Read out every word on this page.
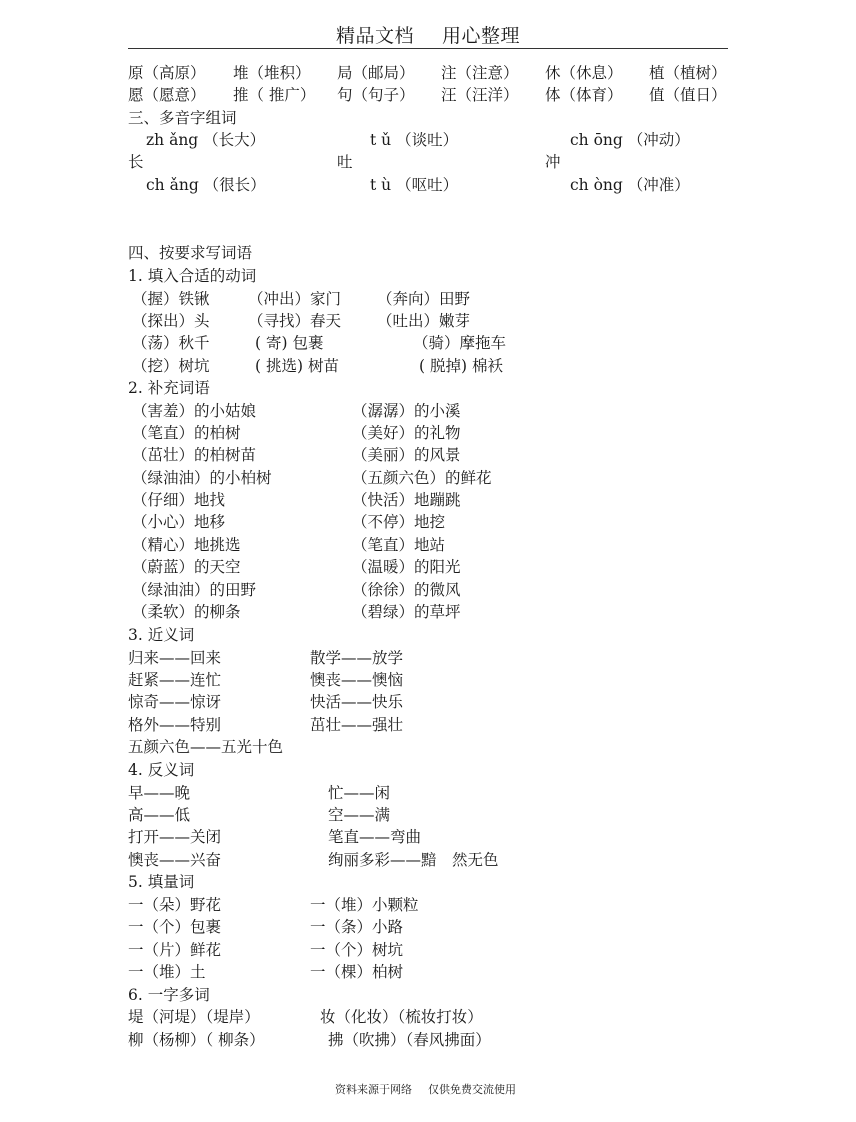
精品文档 用心整理
原（高原） 堆（堆积） 局（邮局） 注（注意） 休（休息） 植（植树）
愿（愿意） 推（ 推广） 句（句子） 汪（汪洋） 体（体育） 值（值日）
三、多音字组词
zh ǎng （长大）	t ǔ （谈吐）	ch ōng （冲动）
长	吐	冲
ch ǎng （很长）	t ù （呕吐）	ch òng （冲准）
四、按要求写词语
1. 填入合适的动词
（握）铁锹 （冲出）家门 （奔向）田野
（探出）头 （寻找）春天 （吐出）嫩芽
（荡）秋千	( 寄) 包裹	（骑）摩拖车
（挖）树坑	( 挑选) 树苗	( 脱掉) 棉袄
2. 补充词语
（害羞）的小姑娘	（潺潺）的小溪
（笔直）的柏树	（美好）的礼物
（茁壮）的柏树苗	（美丽）的风景
（绿油油）的小柏树	（五颜六色）的鲜花
（仔细）地找	（快活）地蹦跳
（小心）地移	（不停）地挖
（精心）地挑选	（笔直）地站
（蔚蓝）的天空	（温暖）的阳光
（绿油油）的田野	（徐徐）的微风
（柔软）的柳条	（碧绿）的草坪
3. 近义词
归来——回来	散学——放学
赶紧——连忙	懊丧——懊恼
惊奇——惊讶	快活——快乐
格外——特别	茁壮——强壮
五颜六色——五光十色
4. 反义词
早——晚	忙——闲
高——低	空——满
打开——关闭	笔直——弯曲
懊丧——兴奋	绚丽多彩——黯　然无色
5. 填量词
一（朵）野花	一（堆）小颗粒
一（个）包裹	一（条）小路
一（片）鲜花	一（个）树坑
一（堆）土	一（棵）柏树
6. 一字多词
堤（河堤）（堤岸）	妆（化妆）（梳妆打妆）
柳（杨柳）（ 柳条）	拂（吹拂）（春风拂面）
资料来源于网络 仅供免费交流使用
